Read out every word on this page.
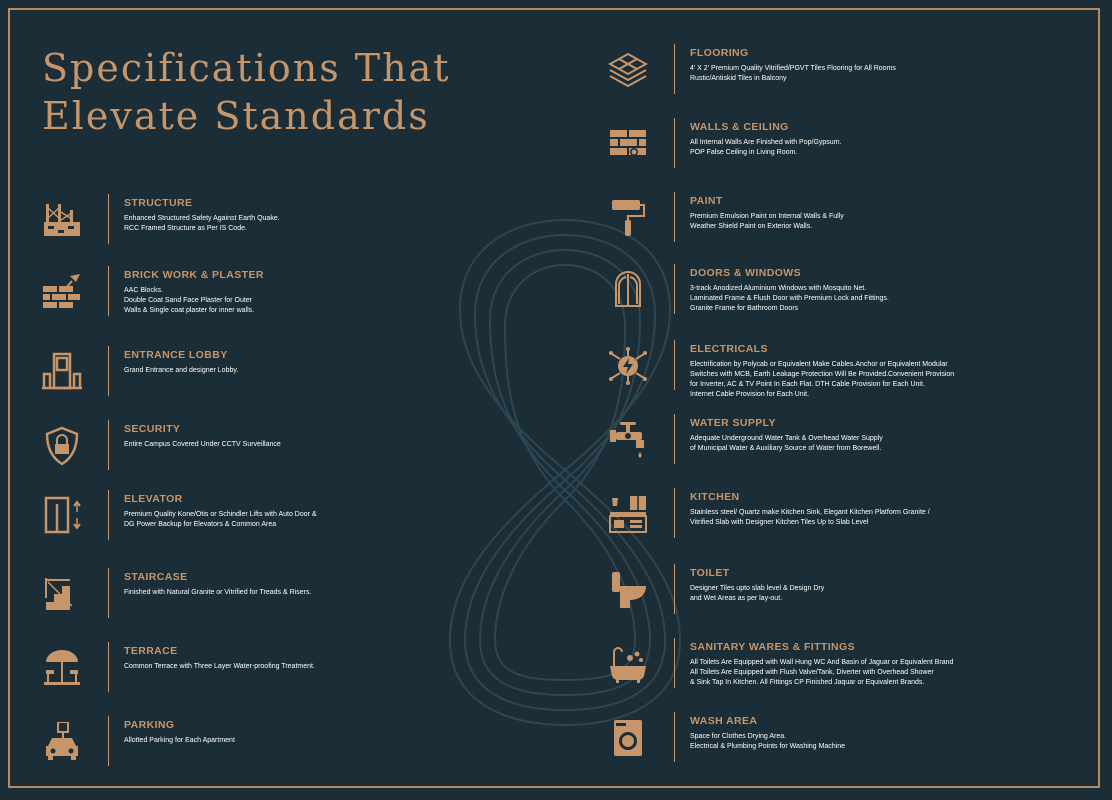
Specifications That
Elevate Standards
STRUCTURE
Enhanced Structured Safety Against Earth Quake.
RCC Framed Structure as Per IS Code.
BRICK WORK & PLASTER
AAC Blocks.
Double Coat Sand Face Plaster for Outer
Walls & Single coat plaster for inner walls.
ENTRANCE LOBBY
Grand Entrance and designer Lobby.
SECURITY
Entire Campus Covered Under CCTV Surveillance
ELEVATOR
Premium Quality Kone/Otis or Schindler Lifts with Auto Door &
DG Power Backup for Elevators & Common Area
STAIRCASE
Finished with Natural Granite or Vitrified for Treads & Risers.
TERRACE
Common Terrace with Three Layer Water-proofing Treatment.
PARKING
Allotted Parking for Each Apartment
FLOORING
4' X 2' Premium Quality Vitrified/PGVT Tiles Flooring for All Rooms
Rustic/Antiskid Tiles in Balcony
WALLS & CEILING
All Internal Walls Are Finished with Pop/Gypsum.
POP False Ceiling in Living Room.
PAINT
Premium Emulsion Paint on Internal Walls & Fully
Weather Shield Paint on Exterior Walls.
DOORS & WINDOWS
3-track Anodized Aluminium Windows with Mosquito Net.
Laminated Frame & Flush Door with Premium Lock and Fittings.
Granite Frame for Bathroom Doors
ELECTRICALS
Electrification by Polycab or Equivalent Make Cables.Anchor or Equivalent Modular
Switches with MCB, Earth Leakage Protection Will Be Provided.Convenient Provision
for Inverter, AC & TV Point In Each Flat. DTH Cable Provision for Each Unit.
Internet Cable Provision for Each Unit.
WATER SUPPLY
Adequate Underground Water Tank & Overhead Water Supply
of Municipal Water & Auxiliary Source of Water from Borewell.
KITCHEN
Stainless steel/ Quartz make Kitchen Sink, Elegant Kitchen Platform Granite /
Vitrified Slab with Designer Kitchen Tiles Up to Slab Level
TOILET
Designer Tiles upto slab level & Design Dry
and Wet Areas as per lay-out.
SANITARY WARES & FITTINGS
All Toilets Are Equipped with Wall Hung WC And Basin of Jaguar or Equivalent Brand
All Toilets Are Equipped with Flush Valve/Tank, Diverter with Overhead Shower
& Sink Tap In Kitchen. All Fittings CP Finished Jaquar or Equivalent Brands.
WASH AREA
Space for Clothes Drying Area.
Electrical & Plumbing Points for Washing Machine
